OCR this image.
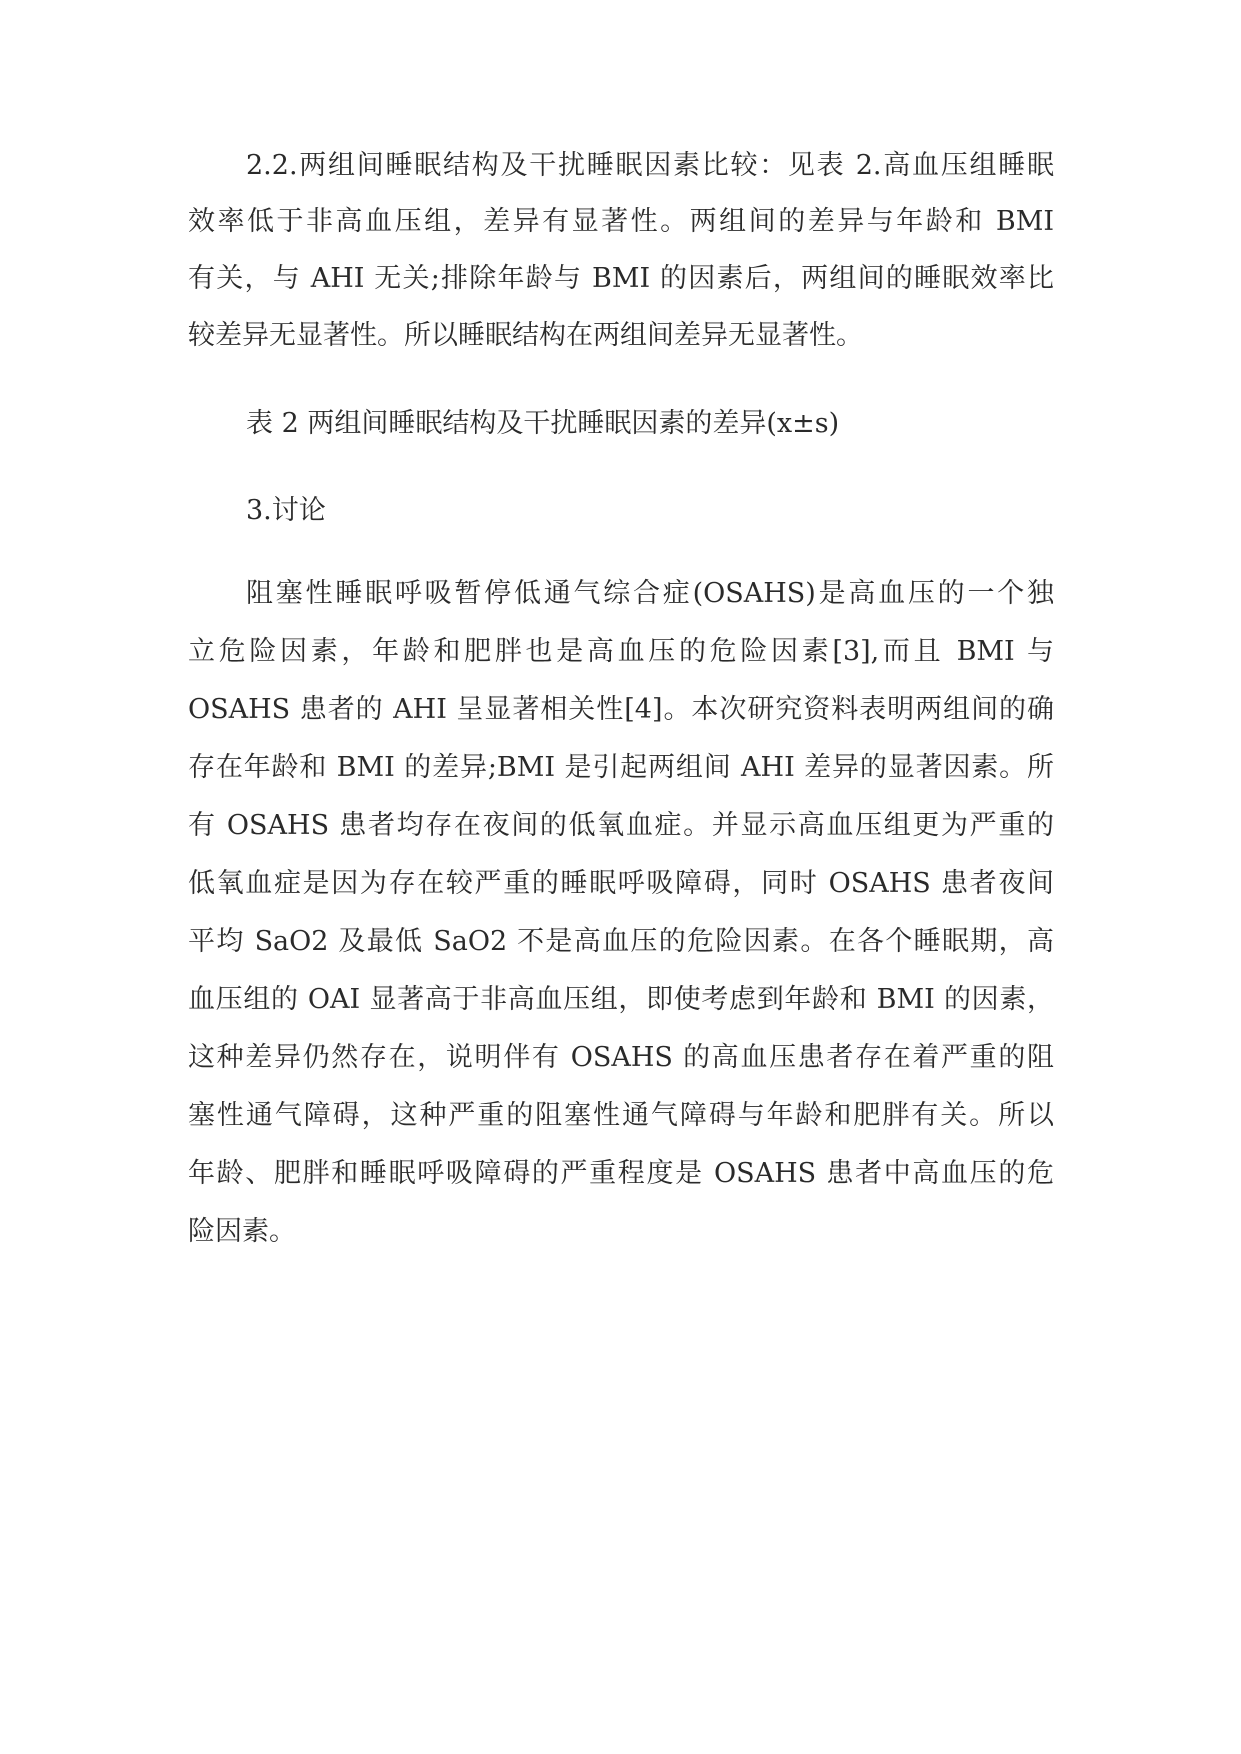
2.2.两组间睡眠结构及干扰睡眠因素比较：见表 2.高血压组睡眠
效率低于非高血压组，差异有显著性。两组间的差异与年龄和 BMI
有关，与 AHI 无关;排除年龄与 BMI 的因素后，两组间的睡眠效率比
较差异无显著性。所以睡眠结构在两组间差异无显著性。
表 2 两组间睡眠结构及干扰睡眠因素的差异(x±s)
3.讨论
阻塞性睡眠呼吸暂停低通气综合症(OSAHS)是高血压的一个独
立危险因素，年龄和肥胖也是高血压的危险因素[3],而且 BMI 与
OSAHS 患者的 AHI 呈显著相关性[4]。本次研究资料表明两组间的确
存在年龄和 BMI 的差异;BMI 是引起两组间 AHI 差异的显著因素。所
有 OSAHS 患者均存在夜间的低氧血症。并显示高血压组更为严重的
低氧血症是因为存在较严重的睡眠呼吸障碍，同时 OSAHS 患者夜间
平均 SaO2 及最低 SaO2 不是高血压的危险因素。在各个睡眠期，高
血压组的 OAI 显著高于非高血压组，即使考虑到年龄和 BMI 的因素，
这种差异仍然存在，说明伴有 OSAHS 的高血压患者存在着严重的阻
塞性通气障碍，这种严重的阻塞性通气障碍与年龄和肥胖有关。所以
年龄、肥胖和睡眠呼吸障碍的严重程度是 OSAHS 患者中高血压的危
险因素。
